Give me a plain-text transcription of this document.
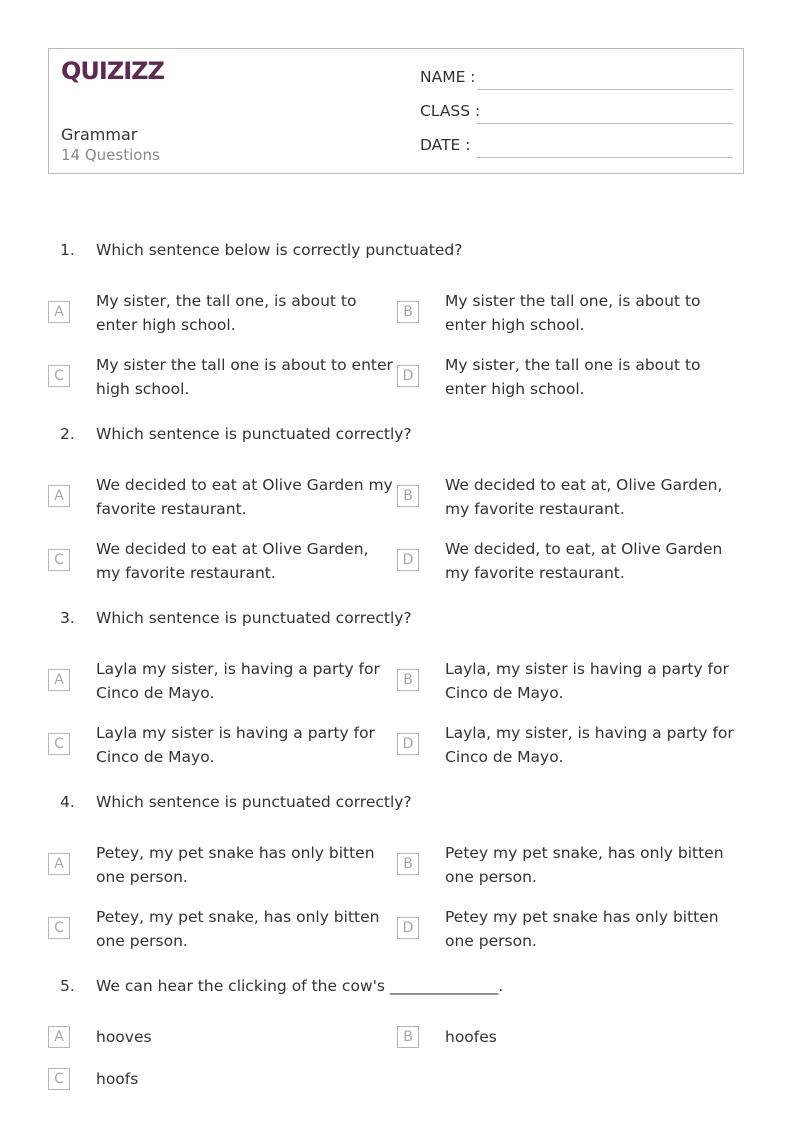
QUIZIZZ
Grammar
14 Questions
NAME :
CLASS :
DATE :
1. Which sentence below is correctly punctuated?
A
My sister, the tall one, is about to enter high school.
B
My sister the tall one, is about to enter high school.
C
My sister the tall one is about to enter high school.
D
My sister, the tall one is about to enter high school.
2. Which sentence is punctuated correctly?
A
We decided to eat at Olive Garden my favorite restaurant.
B
We decided to eat at, Olive Garden, my favorite restaurant.
C
We decided to eat at Olive Garden, my favorite restaurant.
D
We decided, to eat, at Olive Garden my favorite restaurant.
3. Which sentence is punctuated correctly?
A
Layla my sister, is having a party for Cinco de Mayo.
B
Layla, my sister is having a party for Cinco de Mayo.
C
Layla my sister is having a party for Cinco de Mayo.
D
Layla, my sister, is having a party for Cinco de Mayo.
4. Which sentence is punctuated correctly?
A
Petey, my pet snake has only bitten one person.
B
Petey my pet snake, has only bitten one person.
C
Petey, my pet snake, has only bitten one person.
D
Petey my pet snake has only bitten one person.
5. We can hear the clicking of the cow's ______________.
A	hooves	B	hoofes
C	hoofs
